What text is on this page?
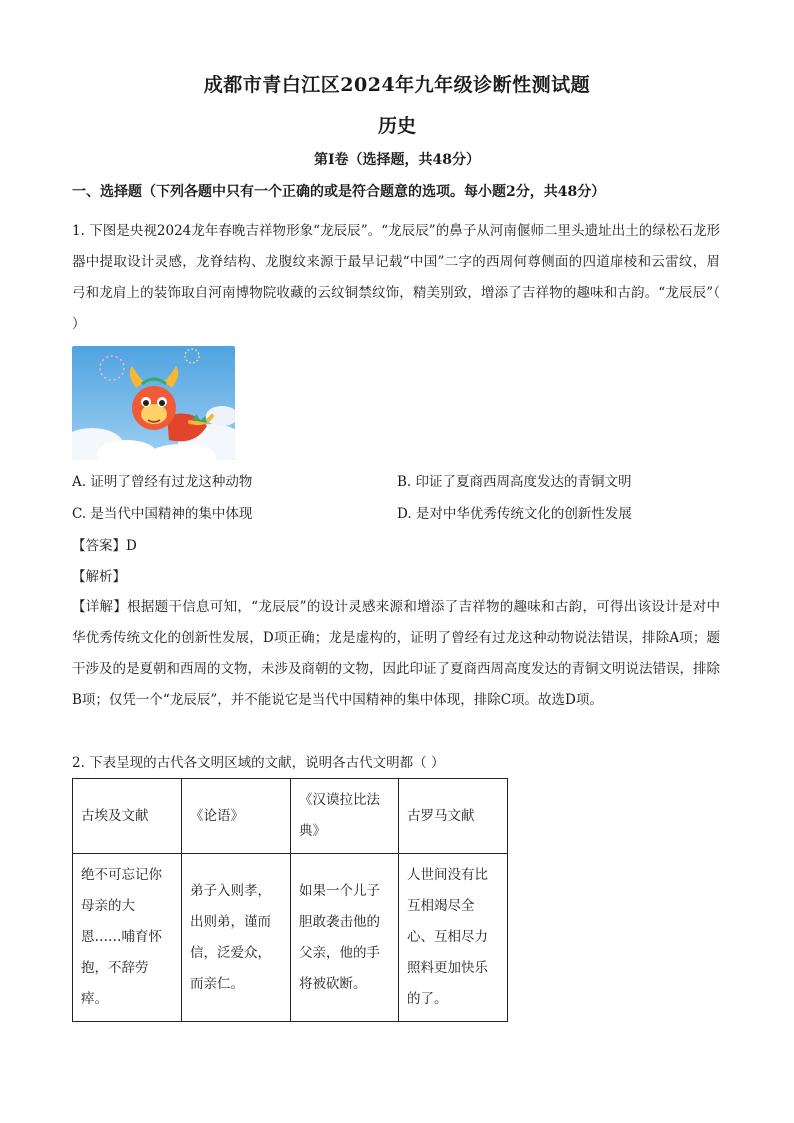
成都市青白江区2024年九年级诊断性测试题
历史
第Ⅰ卷（选择题，共48分）
一、选择题（下列各题中只有一个正确的或是符合题意的选项。每小题2分，共48分）
1. 下图是央视2024龙年春晚吉祥物形象“龙辰辰”。“龙辰辰”的鼻子从河南偃师二里头遗址出土的绿松石龙形器中提取设计灵感，龙脊结构、龙腹纹来源于最早记载“中国”二字的西周何尊侧面的四道扉棱和云雷纹，眉弓和龙肩上的装饰取自河南博物院收藏的云纹铜禁纹饰，精美别致，增添了吉祥物的趣味和古韵。“龙辰辰”（ ）
A. 证明了曾经有过龙这种动物	B. 印证了夏商西周高度发达的青铜文明
C. 是当代中国精神的集中体现	D. 是对中华优秀传统文化的创新性发展
【答案】D
【解析】
【详解】根据题干信息可知，“龙辰辰”的设计灵感来源和增添了吉祥物的趣味和古韵，可得出该设计是对中华优秀传统文化的创新性发展，D项正确；龙是虚构的，证明了曾经有过龙这种动物说法错误，排除A项；题干涉及的是夏朝和西周的文物，未涉及商朝的文物，因此印证了夏商西周高度发达的青铜文明说法错误，排除B项；仅凭一个“龙辰辰”，并不能说它是当代中国精神的集中体现，排除C项。故选D项。
2. 下表呈现的古代各文明区域的文献，说明各古代文明都（ ）
古埃及文献	《论语》	《汉谟拉比法典》	古罗马文献
绝不可忘记你母亲的大恩……哺育怀抱，不辞劳瘁。	弟子入则孝，出则弟，谨而信，泛爱众，而亲仁。	如果一个儿子胆敢袭击他的父亲，他的手将被砍断。	人世间没有比互相竭尽全心、互相尽力照料更加快乐的了。
